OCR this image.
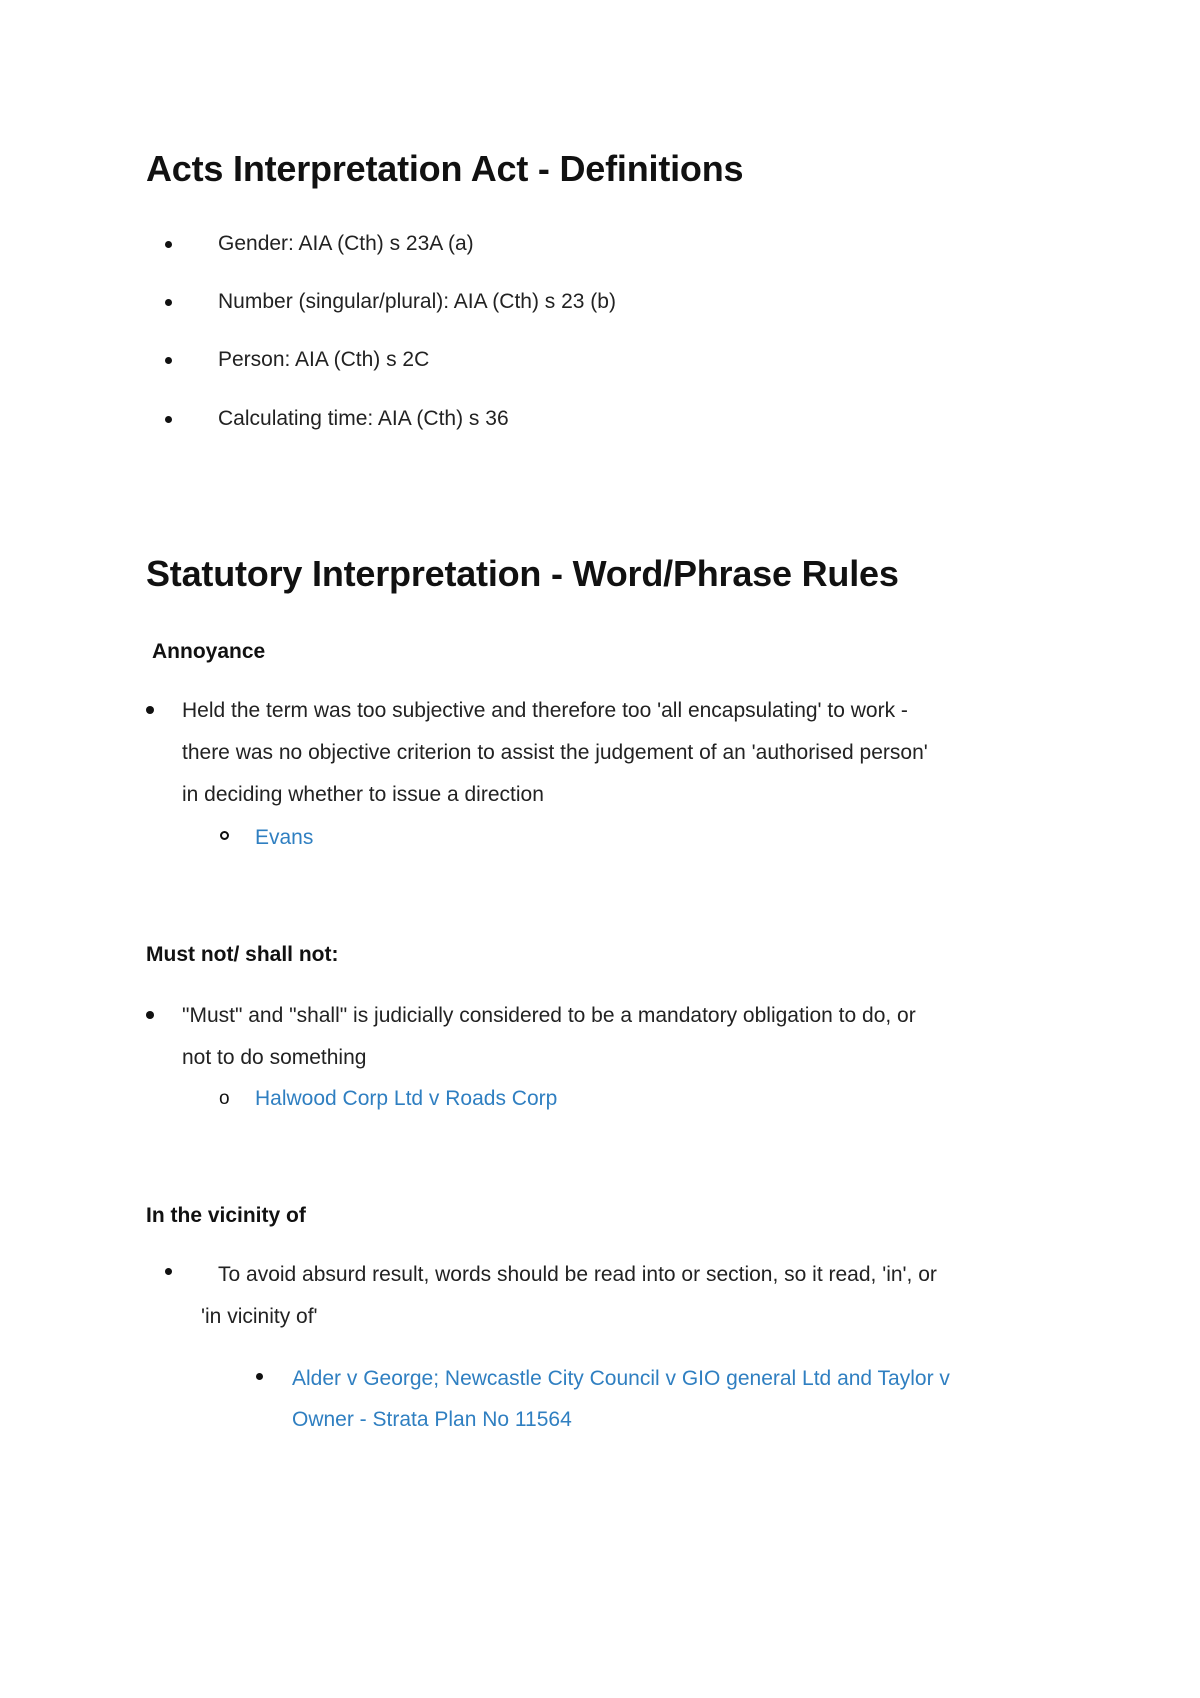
Acts Interpretation Act - Definitions
Gender: AIA (Cth) s 23A (a)
Number (singular/plural): AIA (Cth) s 23 (b)
Person: AIA (Cth) s 2C
Calculating time: AIA (Cth) s 36
Statutory Interpretation - Word/Phrase Rules
Annoyance
Held the term was too subjective and therefore too 'all encapsulating' to work -
there was no objective criterion to assist the judgement of an 'authorised person'
in deciding whether to issue a direction
Evans
Must not/ shall not:
"Must" and "shall" is judicially considered to be a mandatory obligation to do, or
not to do something
o Halwood Corp Ltd v Roads Corp
In the vicinity of
To avoid absurd result, words should be read into or section, so it read, 'in', or
'in vicinity of'
Alder v George; Newcastle City Council v GIO general Ltd and Taylor v
Owner - Strata Plan No 11564
